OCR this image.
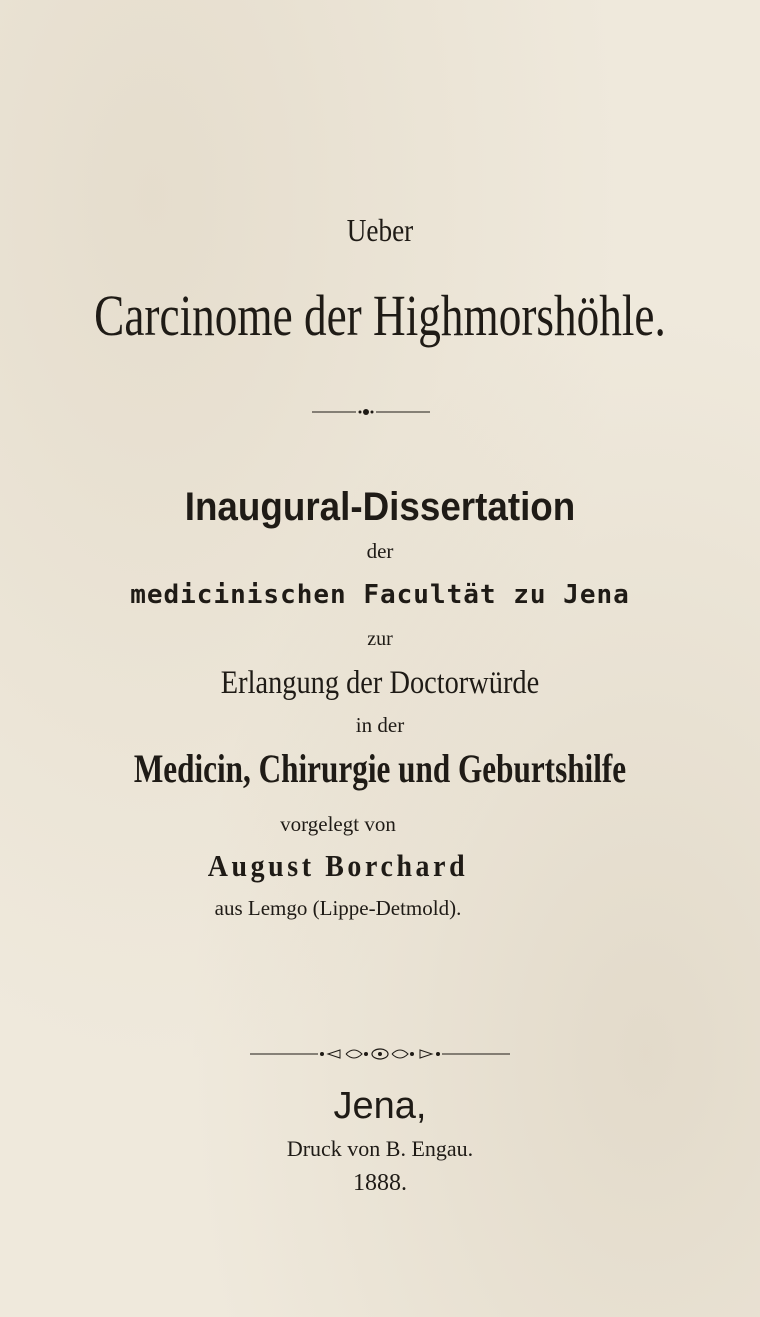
Ueber
Carcinome der Highmorshöhle.
Inaugural-Dissertation
der
medicinischen Facultät zu Jena
zur
Erlangung der Doctorwürde
in der
Medicin, Chirurgie und Geburtshilfe
vorgelegt von
August Borchard
aus Lemgo (Lippe-Detmold).
Jena,
Druck von B. Engau.
1888.
